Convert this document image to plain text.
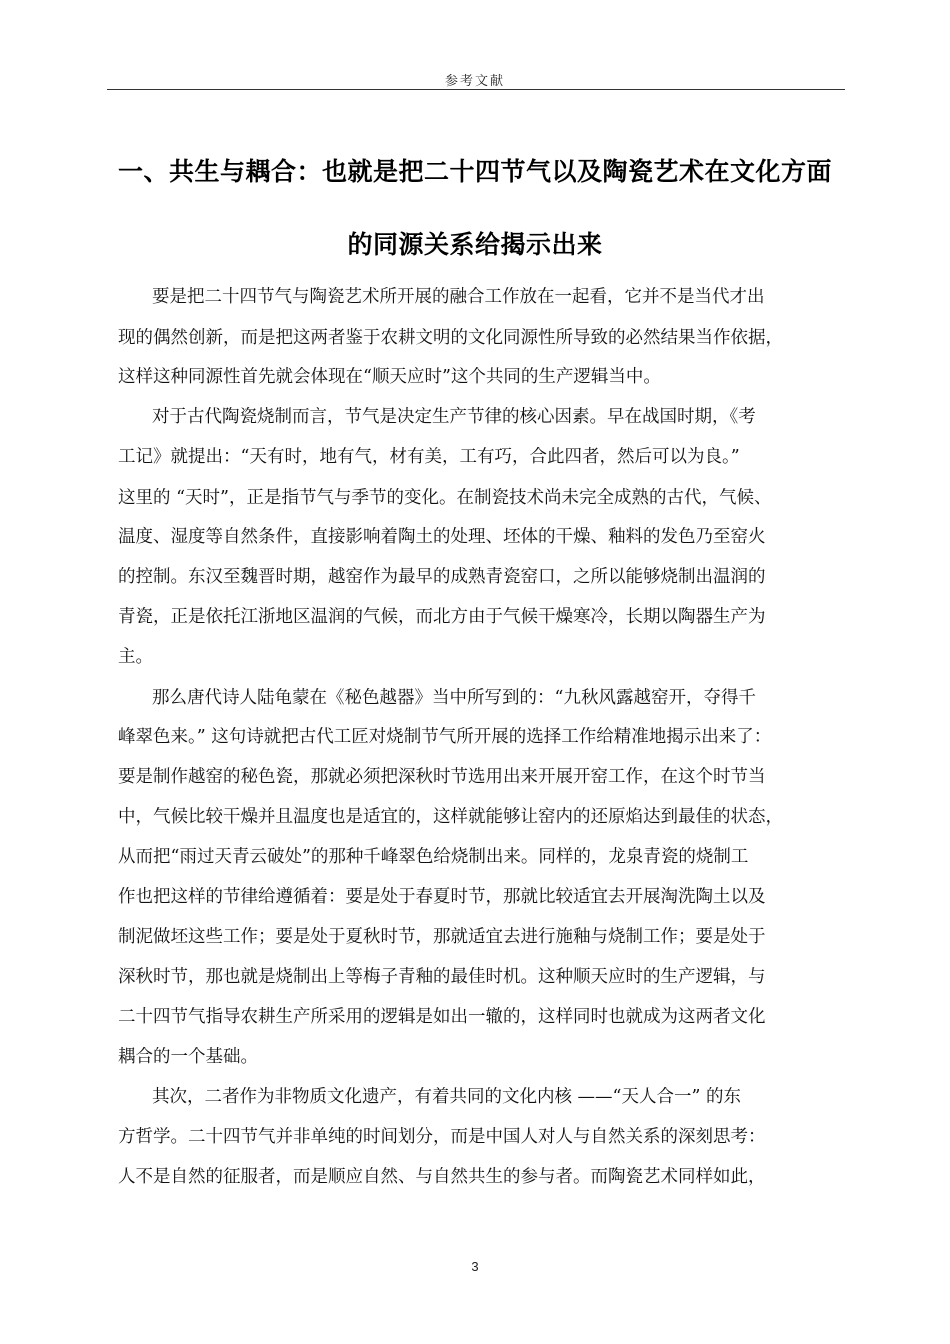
参考文献
一、共生与耦合：也就是把二十四节气以及陶瓷艺术在文化方面
的同源关系给揭示出来
要是把二十四节气与陶瓷艺术所开展的融合工作放在一起看，它并不是当代才出
现的偶然创新，而是把这两者鉴于农耕文明的文化同源性所导致的必然结果当作依据，
这样这种同源性首先就会体现在“顺天应时”这个共同的生产逻辑当中。
对于古代陶瓷烧制而言，节气是决定生产节律的核心因素。早在战国时期，《考
工记》就提出：“天有时，地有气，材有美，工有巧，合此四者，然后可以为良。”
这里的 “天时”，正是指节气与季节的变化。在制瓷技术尚未完全成熟的古代，气候、
温度、湿度等自然条件，直接影响着陶土的处理、坯体的干燥、釉料的发色乃至窑火
的控制。东汉至魏晋时期，越窑作为最早的成熟青瓷窑口，之所以能够烧制出温润的
青瓷，正是依托江浙地区温润的气候，而北方由于气候干燥寒冷，长期以陶器生产为
主。
那么唐代诗人陆龟蒙在《秘色越器》当中所写到的：“九秋风露越窑开，夺得千
峰翠色来。” 这句诗就把古代工匠对烧制节气所开展的选择工作给精准地揭示出来了：
要是制作越窑的秘色瓷，那就必须把深秋时节选用出来开展开窑工作，在这个时节当
中，气候比较干燥并且温度也是适宜的，这样就能够让窑内的还原焰达到最佳的状态，
从而把“雨过天青云破处”的那种千峰翠色给烧制出来。同样的，龙泉青瓷的烧制工
作也把这样的节律给遵循着：要是处于春夏时节，那就比较适宜去开展淘洗陶土以及
制泥做坯这些工作；要是处于夏秋时节，那就适宜去进行施釉与烧制工作；要是处于
深秋时节，那也就是烧制出上等梅子青釉的最佳时机。这种顺天应时的生产逻辑，与
二十四节气指导农耕生产所采用的逻辑是如出一辙的，这样同时也就成为这两者文化
耦合的一个基础。
其次，二者作为非物质文化遗产，有着共同的文化内核 ——“天人合一” 的东
方哲学。二十四节气并非单纯的时间划分，而是中国人对人与自然关系的深刻思考：
人不是自然的征服者，而是顺应自然、与自然共生的参与者。而陶瓷艺术同样如此，
3
